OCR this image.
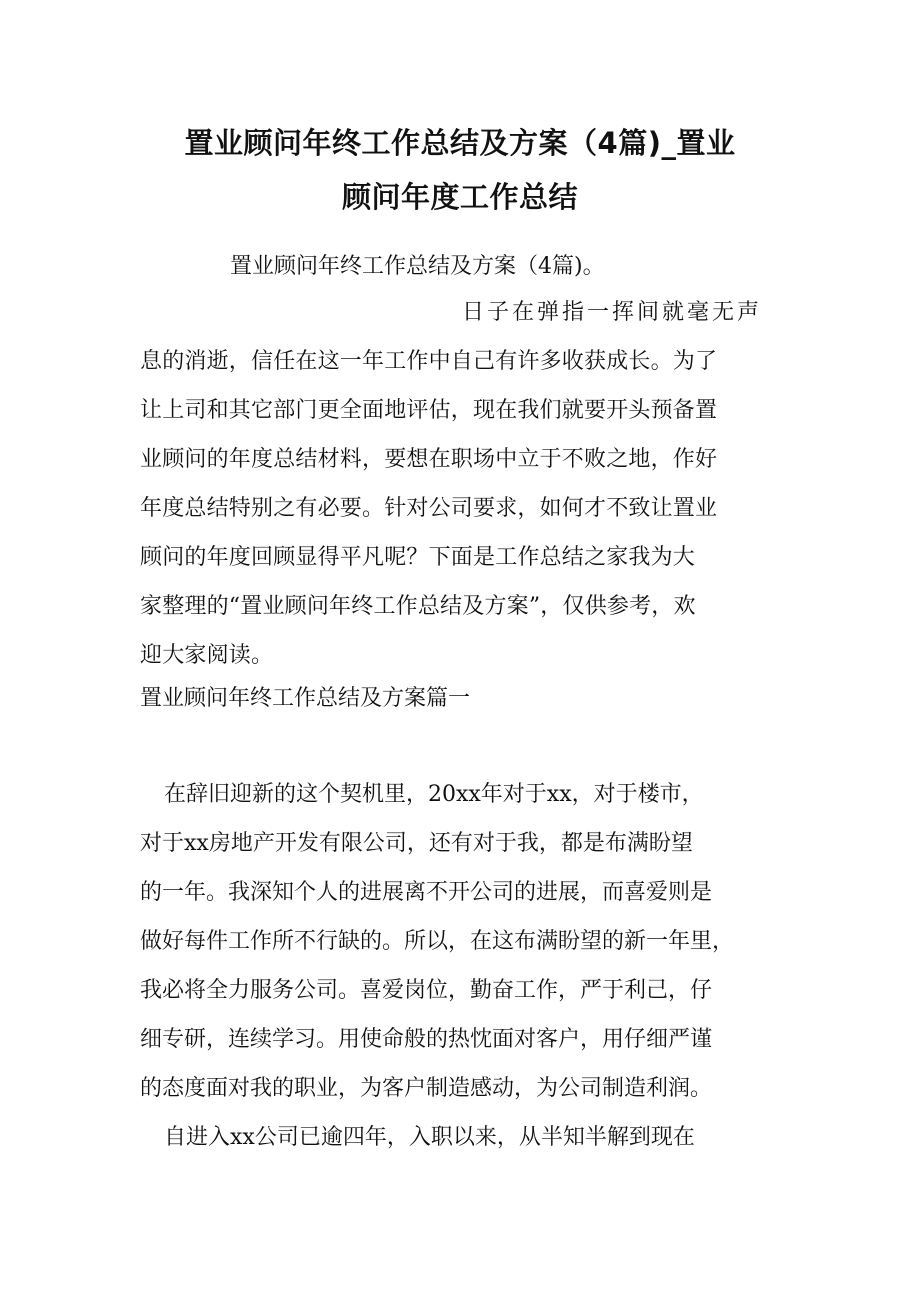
置业顾问年终工作总结及方案（4篇)_置业
顾问年度工作总结

置业顾问年终工作总结及方案（4篇)。

日子在弹指一挥间就毫无声
息的消逝，信任在这一年工作中自己有许多收获成长。为了
让上司和其它部门更全面地评估，现在我们就要开头预备置
业顾问的年度总结材料，要想在职场中立于不败之地，作好
年度总结特别之有必要。针对公司要求，如何才不致让置业
顾问的年度回顾显得平凡呢？下面是工作总结之家我为大
家整理的“置业顾问年终工作总结及方案”，仅供参考，欢
迎大家阅读。

置业顾问年终工作总结及方案篇一

在辞旧迎新的这个契机里，20xx年对于xx，对于楼市，
对于xx房地产开发有限公司，还有对于我，都是布满盼望
的一年。我深知个人的进展离不开公司的进展，而喜爱则是
做好每件工作所不行缺的。所以，在这布满盼望的新一年里，
我必将全力服务公司。喜爱岗位，勤奋工作，严于利己，仔
细专研，连续学习。用使命般的热忱面对客户，用仔细严谨
的态度面对我的职业，为客户制造感动，为公司制造利润。
自进入xx公司已逾四年，入职以来，从半知半解到现在
